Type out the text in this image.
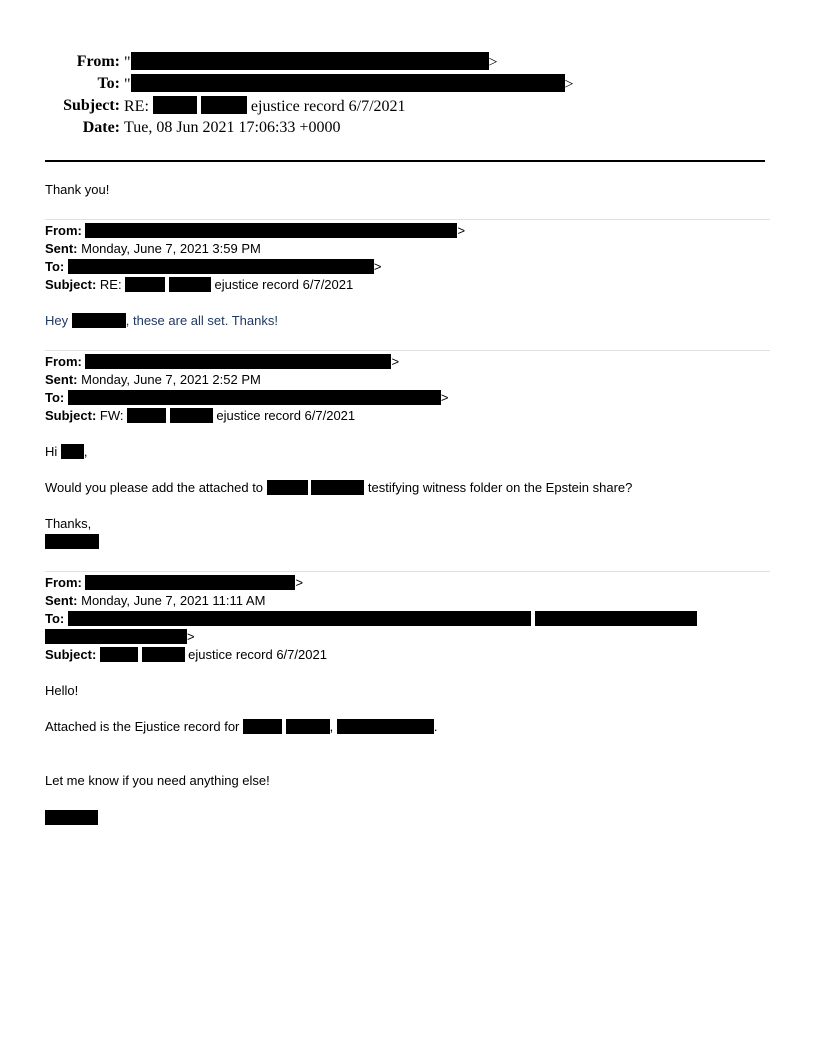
From: "	>
To: "	>
Subject: RE:	ejustice record 6/7/2021
Date: Tue, 08 Jun 2021 17:06:33 +0000
Thank you!
From:	>
Sent: Monday, June 7, 2021 3:59 PM
To:	>
Subject: RE:	ejustice record 6/7/2021
Hey	, these are all set. Thanks!
From:	>
Sent: Monday, June 7, 2021 2:52 PM
To:	>
Subject: FW:	ejustice record 6/7/2021
Hi ,
Would you please add the attached to	testifying witness folder on the Epstein share?
Thanks,
From:	>
Sent: Monday, June 7, 2021 11:11 AM
To:
>
Subject:	ejustice record 6/7/2021
Hello!
Attached is the Ejustice record for	,	.
Let me know if you need anything else!
